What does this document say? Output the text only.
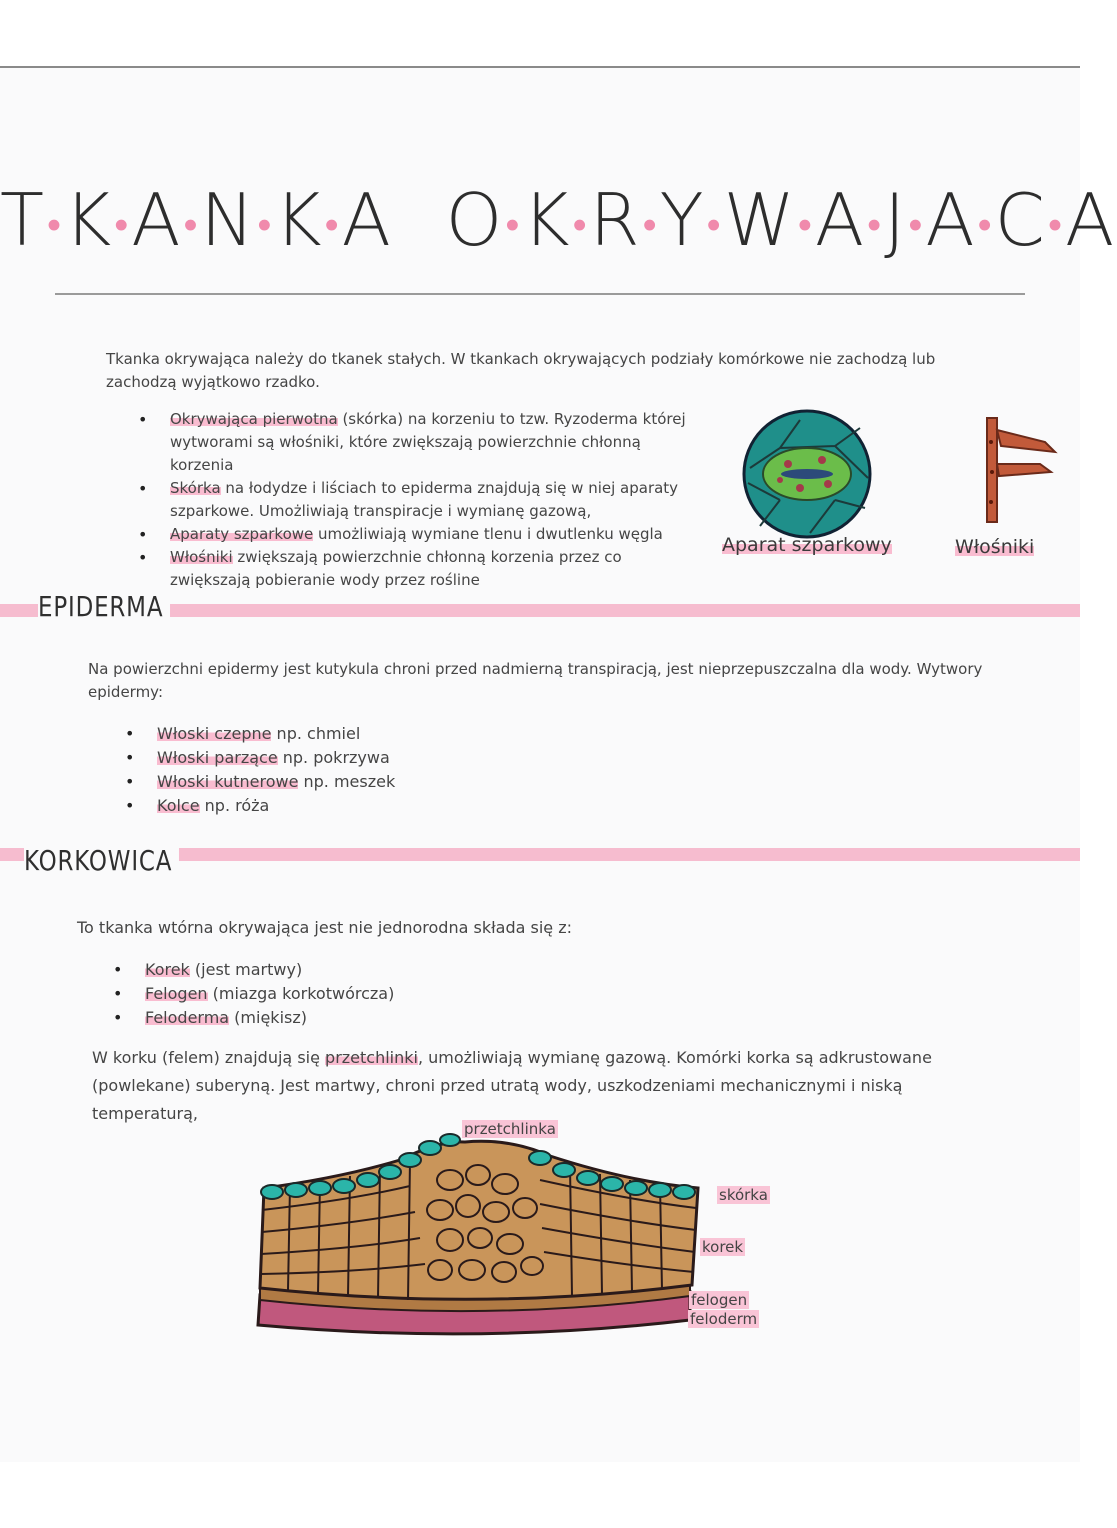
T•K•A•N•K•A O•K•R•Y•W•A•J•A•C•A
Tkanka okrywająca należy do tkanek stałych. W tkankach okrywających podziały komórkowe nie zachodzą lub zachodzą wyjątkowo rzadko.
• Okrywająca pierwotna (skórka) na korzeniu to tzw. Ryzoderma której wytworami są włośniki, które zwiększają powierzchnie chłonną korzenia
• Skórka na łodydze i liściach to epiderma znajdują się w niej aparaty szparkowe. Umożliwiają transpiracje i wymianę gazową,
• Aparaty szparkowe umożliwiają wymiane tlenu i dwutlenku węgla
• Włośniki zwiększają powierzchnie chłonną korzenia przez co zwiększają pobieranie wody przez rośline
Aparat szparkowy	Włośniki
EPIDERMA
Na powierzchni epidermy jest kutykula chroni przed nadmierną transpiracją, jest nieprzepuszczalna dla wody. Wytwory epidermy:
• Włoski czepne np. chmiel
• Włoski parzące np. pokrzywa
• Włoski kutnerowe np. meszek
• Kolce np. róża
KORKOWICA
To tkanka wtórna okrywająca jest nie jednorodna składa się z:
• Korek (jest martwy)
• Felogen (miazga korkotwórcza)
• Feloderma (miękisz)
W korku (felem) znajdują się przetchlinki, umożliwiają wymianę gazową. Komórki korka są adkrustowane (powlekane) suberyną. Jest martwy, chroni przed utratą wody, uszkodzeniami mechanicznymi i niską temperaturą,
przetchlinka
skórka
korek
felogen
feloderm
